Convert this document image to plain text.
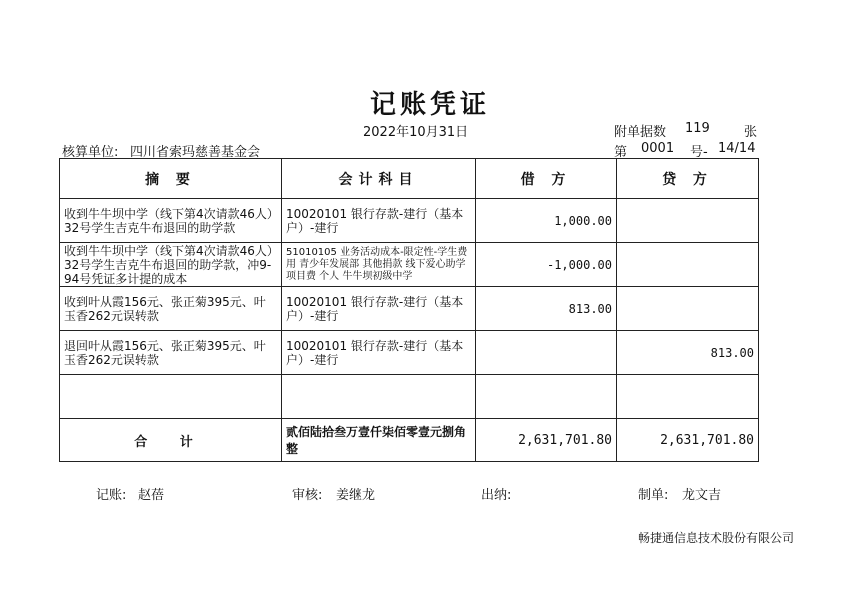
记账凭证
2022年10月31日	附单据数 119	张
核算单位: 四川省索玛慈善基金会	第 0001 号- 14/14
摘 要	会计科目	借 方	贷 方
收到牛牛坝中学（线下第4次请款46人）32号学生吉克牛布退回的助学款	10020101 银行存款-建行（基本户）-建行	1,000.00	
收到牛牛坝中学（线下第4次请款46人）32号学生吉克牛布退回的助学款，冲9-94号凭证多计提的成本	51010105 业务活动成本-限定性-学生费用 青少年发展部 其他捐款 线下爱心助学 项目费 个人 牛牛坝初级中学	-1,000.00	
收到叶从霞156元、张正菊395元、叶玉香262元误转款	10020101 银行存款-建行（基本户）-建行	813.00	
退回叶从霞156元、张正菊395元、叶玉香262元误转款	10020101 银行存款-建行（基本户）-建行		813.00

合 计	贰佰陆拾叁万壹仟柒佰零壹元捌角整	2,631,701.80	2,631,701.80
记账: 赵蓓	审核: 姜继龙	出纳:	制单: 龙文吉
畅捷通信息技术股份有限公司
